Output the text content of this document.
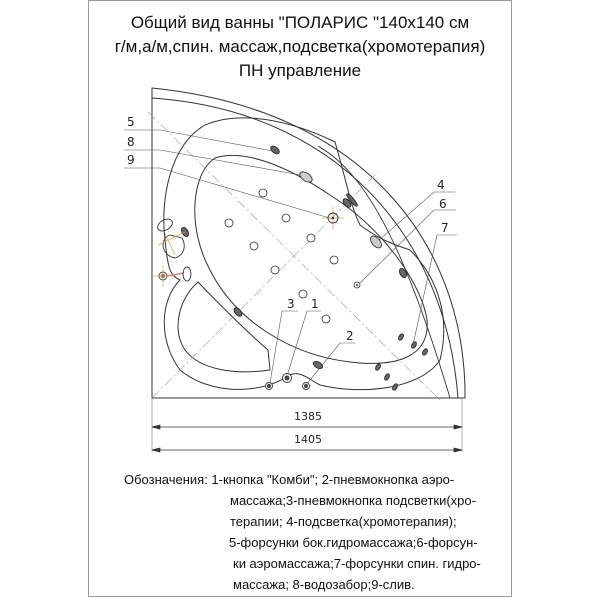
Общий вид ванны "ПОЛАРИС "140х140 см
г/м,а/м,спин. массаж,подсветка(хромотерапия)
ПН управление
5
8
9
4
6
7
3 1
2
1385
1405
Обозначения: 1-кнопка "Комби"; 2-пневмокнопка аэро-
массажа;3-пневмокнопка подсветки(хро-
терапии; 4-подсветка(хромотерапия);
5-форсунки бок.гидромассажа;6-форсун-
ки аэромассажа;7-форсунки спин. гидро-
массажа; 8-водозабор;9-слив.
